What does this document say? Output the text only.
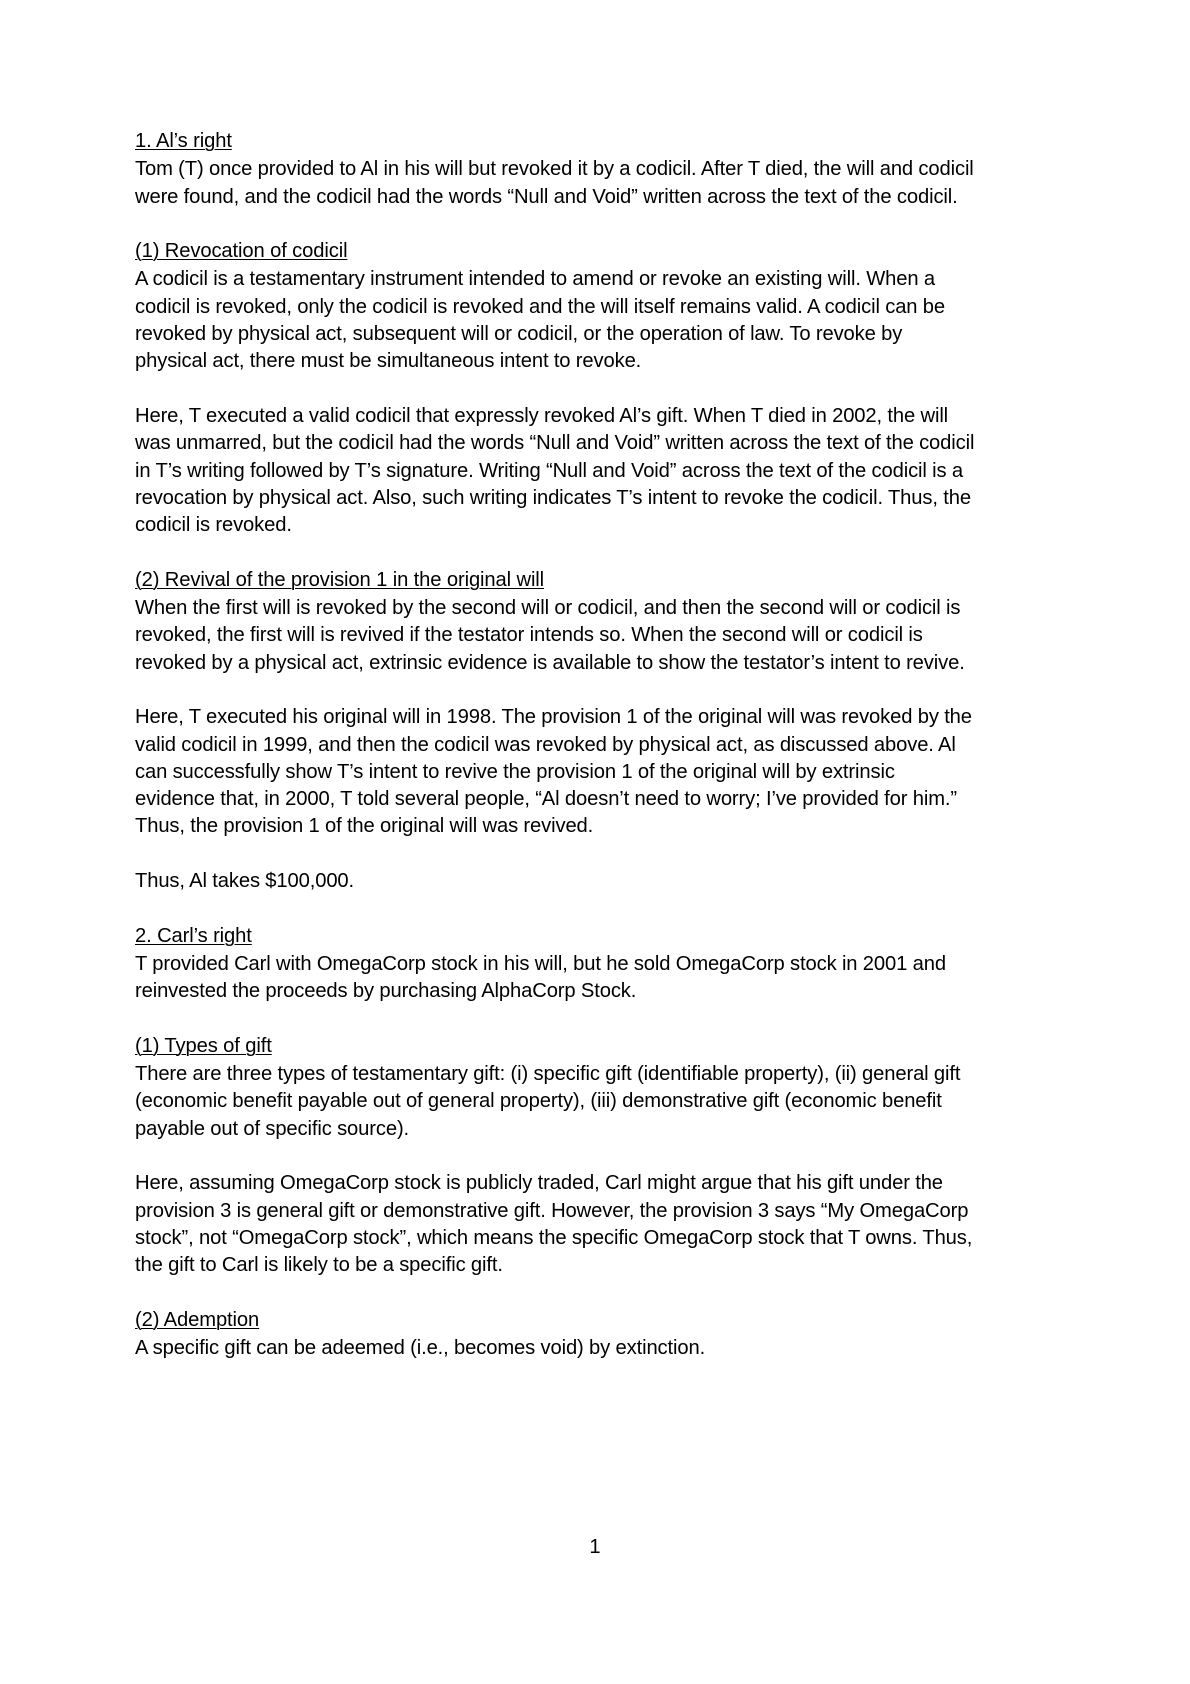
1. Al’s right

Tom (T) once provided to Al in his will but revoked it by a codicil. After T died, the will and codicil were found, and the codicil had the words “Null and Void” written across the text of the codicil.

(1) Revocation of codicil

A codicil is a testamentary instrument intended to amend or revoke an existing will. When a codicil is revoked, only the codicil is revoked and the will itself remains valid. A codicil can be revoked by physical act, subsequent will or codicil, or the operation of law. To revoke by physical act, there must be simultaneous intent to revoke.

Here, T executed a valid codicil that expressly revoked Al’s gift. When T died in 2002, the will was unmarred, but the codicil had the words “Null and Void” written across the text of the codicil in T’s writing followed by T’s signature. Writing “Null and Void” across the text of the codicil is a revocation by physical act. Also, such writing indicates T’s intent to revoke the codicil. Thus, the codicil is revoked.

(2) Revival of the provision 1 in the original will

When the first will is revoked by the second will or codicil, and then the second will or codicil is revoked, the first will is revived if the testator intends so. When the second will or codicil is revoked by a physical act, extrinsic evidence is available to show the testator’s intent to revive.

Here, T executed his original will in 1998. The provision 1 of the original will was revoked by the valid codicil in 1999, and then the codicil was revoked by physical act, as discussed above. Al can successfully show T’s intent to revive the provision 1 of the original will by extrinsic evidence that, in 2000, T told several people, “Al doesn’t need to worry; I’ve provided for him.” Thus, the provision 1 of the original will was revived.

Thus, Al takes $100,000.

2. Carl’s right

T provided Carl with OmegaCorp stock in his will, but he sold OmegaCorp stock in 2001 and reinvested the proceeds by purchasing AlphaCorp Stock.

(1) Types of gift

There are three types of testamentary gift: (i) specific gift (identifiable property), (ii) general gift (economic benefit payable out of general property), (iii) demonstrative gift (economic benefit payable out of specific source).

Here, assuming OmegaCorp stock is publicly traded, Carl might argue that his gift under the provision 3 is general gift or demonstrative gift. However, the provision 3 says “My OmegaCorp stock”, not “OmegaCorp stock”, which means the specific OmegaCorp stock that T owns. Thus, the gift to Carl is likely to be a specific gift.

(2) Ademption

A specific gift can be adeemed (i.e., becomes void) by extinction.

1
